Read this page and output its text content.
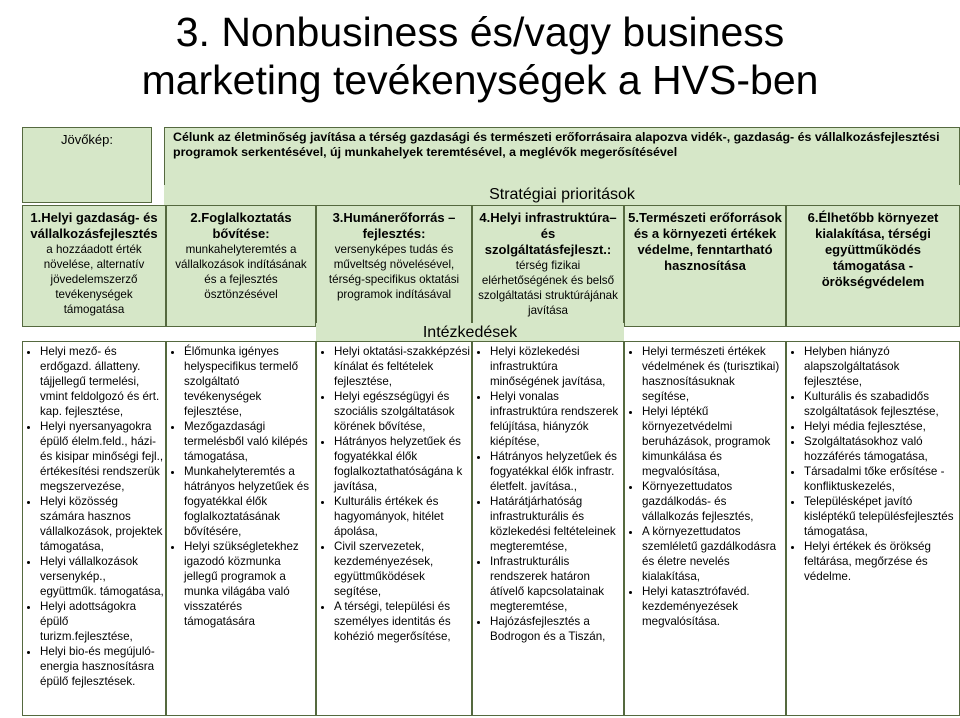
3. Nonbusiness és/vagy business
marketing tevékenységek a HVS-ben
Jövőkép:	Célunk az életminőség javítása a térség gazdasági és természeti erőforrásaira alapozva vidék-, gazdaság- és vállalkozásfejlesztési programok serkentésével, új munkahelyek teremtésével, a meglévők megerősítésével
Stratégiai prioritások
1.Helyi gazdaság- és vállalkozásfejlesztés
a hozzáadott érték növelése, alternatív jövedelemszerző tevékenységek támogatása
2.Foglalkoztatás bővítése:
munkahelyteremtés a vállalkozások indításának és a fejlesztés ösztönzésével
3.Humánerőforrás – fejlesztés:
versenyképes tudás és műveltség növelésével, térség-specifikus oktatási programok indításával
4.Helyi infrastruktúra– és szolgáltatásfejleszt.:
térség fizikai elérhetőségének és belső szolgáltatási struktúrájának javítása
5.Természeti erőforrások és a környezeti értékek védelme, fenntartható hasznosítása
6.Élhetőbb környezet kialakítása, térségi együttműködés támogatása - örökségvédelem
Intézkedések
• Helyi mező- és erdőgazd. állatteny. tájjellegű termelési, vmint feldolgozó és ért. kap. fejlesztése,
• Helyi nyersanyagokra épülő élelm.feld., házi- és kisipar minőségi fejl., értékesítési rendszerük megszervezése,
• Helyi közösség számára hasznos vállalkozások, projektek támogatása,
• Helyi vállalkozások versenykép., együttműk. támogatása,
• Helyi adottságokra épülő turizm.fejlesztése,
• Helyi bio-és megújuló-energia hasznosításra épülő fejlesztések.
• Élőmunka igényes helyspecifikus termelő szolgáltató tevékenységek fejlesztése,
• Mezőgazdasági termelésből való kilépés támogatása,
• Munkahelyteremtés a hátrányos helyzetűek és fogyatékkal élők foglalkoztatásának bővítésére,
• Helyi szükségletekhez igazodó közmunka jellegű programok a munka világába való visszatérés támogatására
• Helyi oktatási-szakképzési kínálat és feltételek fejlesztése,
• Helyi egészségügyi és szociális szolgáltatások körének bővítése,
• Hátrányos helyzetűek és fogyatékkal élők foglalkoztathatóságána k javítása,
• Kulturális értékek és hagyományok, hitélet ápolása,
• Civil szervezetek, kezdeményezések, együttműködések segítése,
• A térségi, települési és személyes identitás és kohézió megerősítése,
• Helyi közlekedési infrastruktúra minőségének javítása,
• Helyi vonalas infrastruktúra rendszerek felújítása, hiányzók kiépítése,
• Hátrányos helyzetűek és fogyatékkal élők infrastr. életfelt. javítása.,
• Határátjárhatóság infrastrukturális és közlekedési feltételeinek megteremtése,
• Infrastrukturális rendszerek határon átívelő kapcsolatainak megteremtése,
• Hajózásfejlesztés a Bodrogon és a Tiszán,
• Helyi természeti értékek védelmének és (turisztikai) hasznosításuknak segítése,
• Helyi léptékű környezetvédelmi beruházások, programok kimunkálása és megvalósítása,
• Környezettudatos gazdálkodás- és vállalkozás fejlesztés,
• A környezettudatos szemléletű gazdálkodásra és életre nevelés kialakítása,
• Helyi katasztrófavéd. kezdeményezések megvalósítása.
• Helyben hiányzó alapszolgáltatások fejlesztése,
• Kulturális és szabadidős szolgáltatások fejlesztése,
• Helyi média fejlesztése,
• Szolgáltatásokhoz való hozzáférés támogatása,
• Társadalmi tőke erősítése - konfliktuskezelés,
• Településképet javító kisléptékű településfejlesztés támogatása,
• Helyi értékek és örökség feltárása, megőrzése és védelme.
